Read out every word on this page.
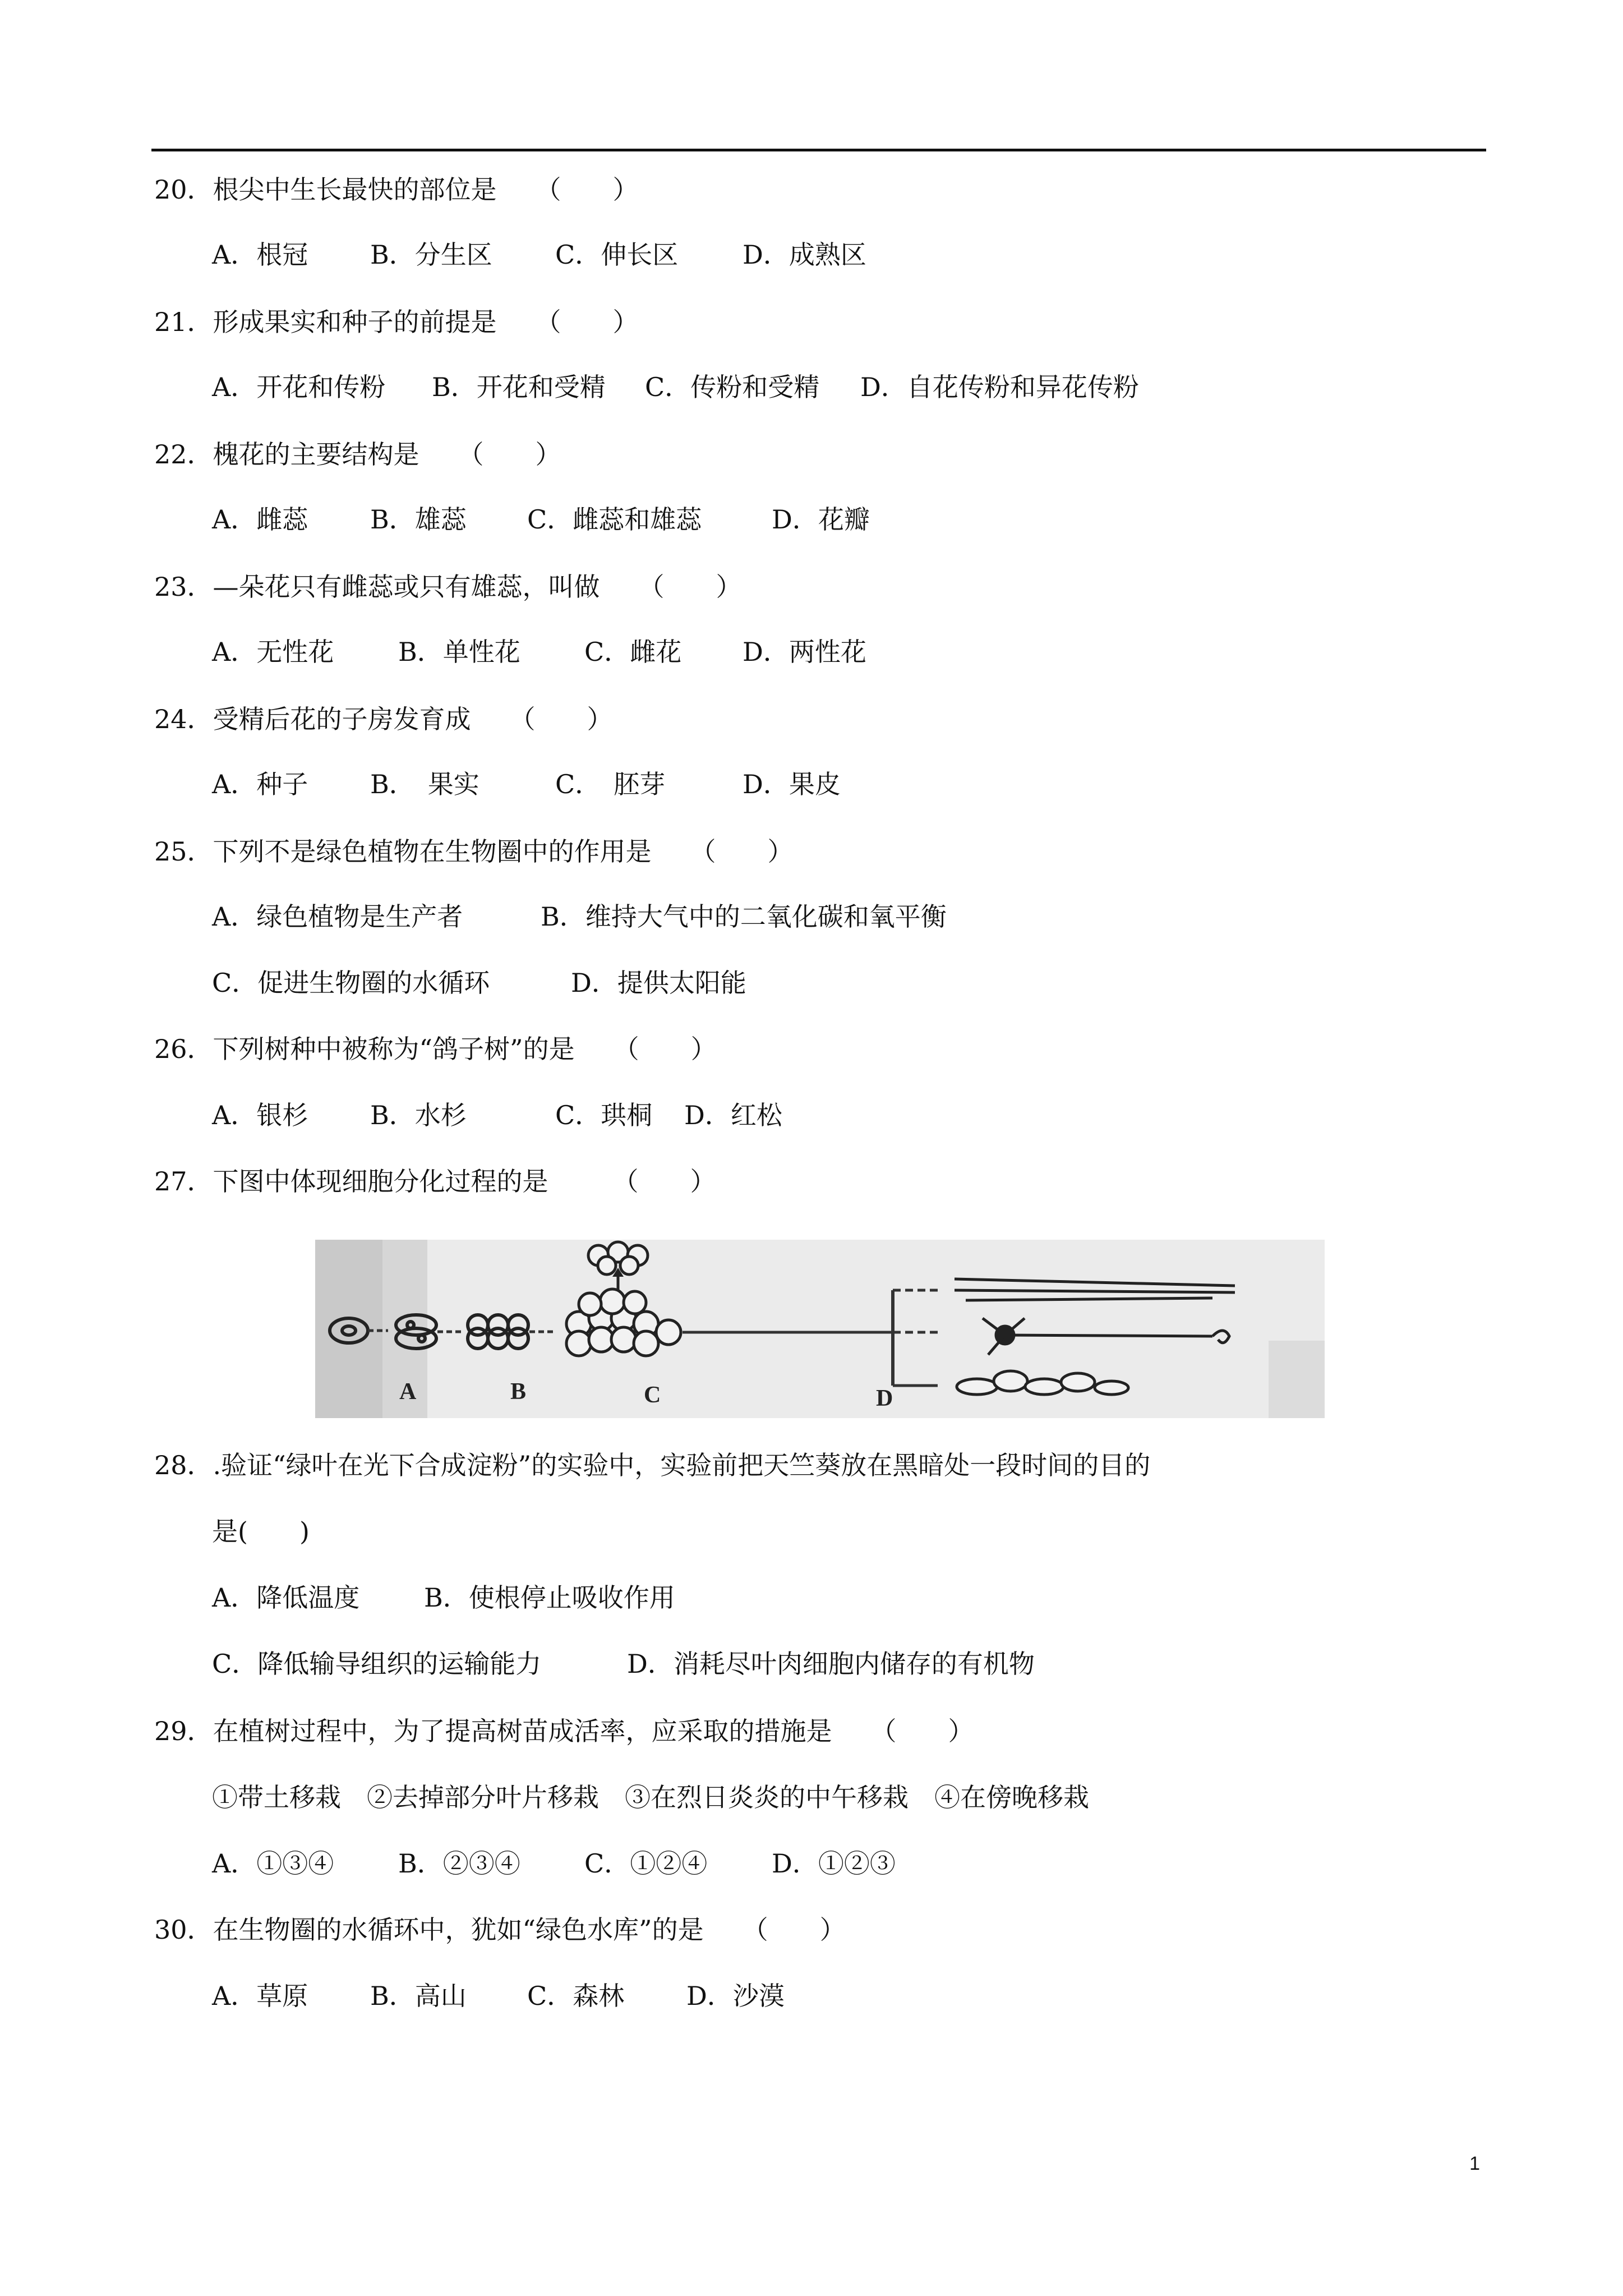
20．根尖中生长最快的部位是　　（　　）
A．根冠 B．分生区 C．伸长区 D．成熟区
21．形成果实和种子的前提是　　（　　）
A．开花和传粉 B．开花和受精 C．传粉和受精 D．自花传粉和异花传粉
22．槐花的主要结构是　　（　　）
A．雌蕊 B．雄蕊 C．雌蕊和雄蕊	D．花瓣
23．—朵花只有雌蕊或只有雄蕊，叫做　　（　　）
A．无性花 B．单性花 C．雌花 D．两性花
24．受精后花的子房发育成　　（　　）
A．种子 B．　果实	C．　胚芽	D．果皮
25．下列不是绿色植物在生物圈中的作用是　　（　　）
A．绿色植物是生产者	B．维持大气中的二氧化碳和氧平衡
C．促进生物圈的水循环	D．提供太阳能
26．下列树种中被称为“鸽子树”的是　　（　　）
A．银杉 B．水杉	C．珙桐 D．红松
27．下图中体现细胞分化过程的是　　　（　　）
A	B	C	D
28．.验证“绿叶在光下合成淀粉”的实验中，实验前把天竺葵放在黑暗处一段时间的目的
是(　　)
A．降低温度 B．使根停止吸收作用
C．降低输导组织的运输能力	D．消耗尽叶肉细胞内储存的有机物
29．在植树过程中，为了提高树苗成活率，应采取的措施是　　（　　）
①带土移栽　②去掉部分叶片移栽　③在烈日炎炎的中午移栽　④在傍晚移栽
A．①③④ B．②③④ C．①②④ D．①②③
30．在生物圈的水循环中，犹如“绿色水库”的是　　（　　）
A．草原 B．高山 C．森林 D．沙漠
1
